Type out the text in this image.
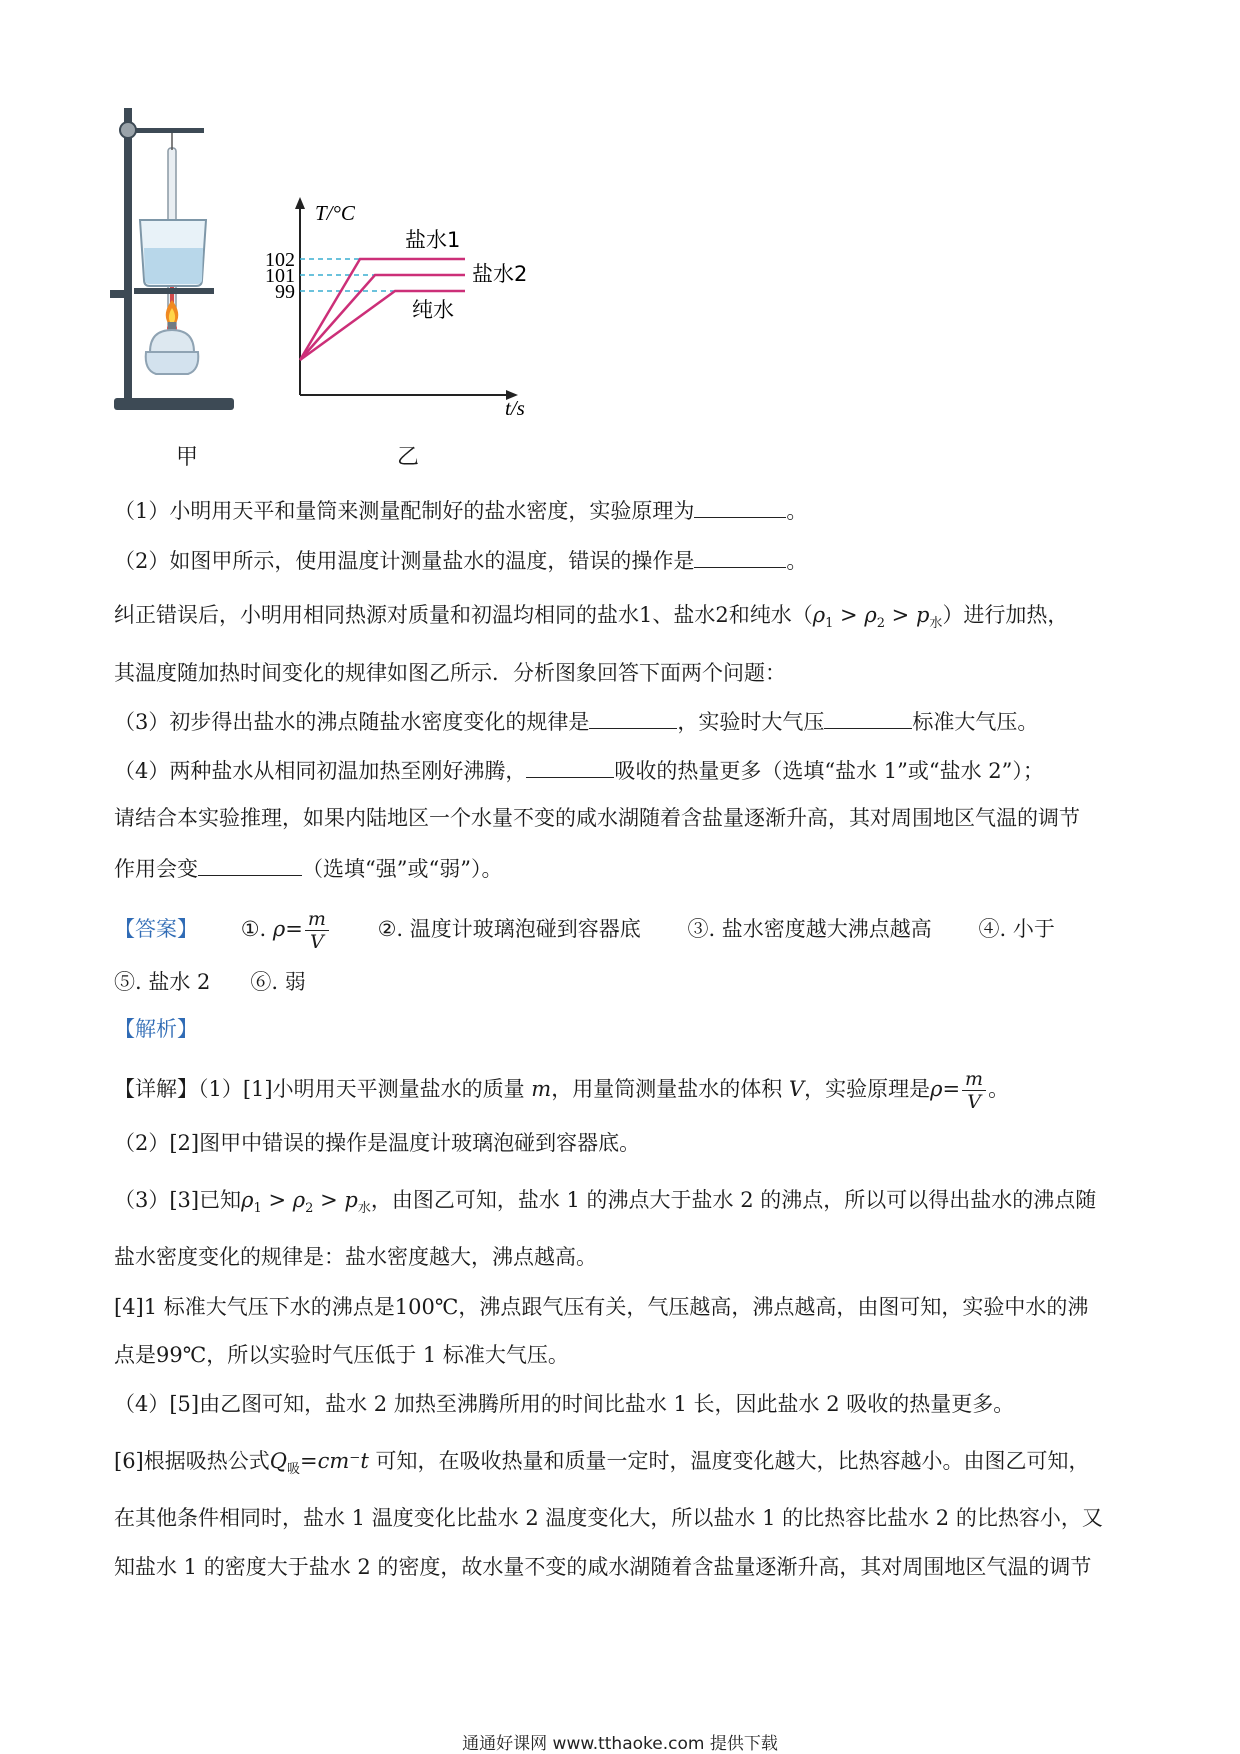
甲
T/°C
t/s
102
101
99
盐水1
盐水2
纯水
乙
（1）小明用天平和量筒来测量配制好的盐水密度，实验原理为	。
（2）如图甲所示，使用温度计测量盐水的温度，错误的操作是	。
纠正错误后，小明用相同热源对质量和初温均相同的盐水1、盐水2和纯水$(\rho_1 > \rho_2 > p_水)$进行加热，
其温度随加热时间变化的规律如图乙所示．分析图象回答下面两个问题：
（3）初步得出盐水的沸点随盐水密度变化的规律是	，实验时大气压	标准大气压。
（4）两种盐水从相同初温加热至刚好沸腾，	吸收的热量更多（选填“盐水 1”或“盐水 2”）；
请结合本实验推理，如果内陆地区一个水量不变的咸水湖随着含盐量逐渐升高，其对周围地区气温的调节
作用会变	（选填“强”或“弱”）。
【答案】 ①. $\rho= \frac{m}{V}$ ②. 温度计玻璃泡碰到容器底 ③. 盐水密度越大沸点越高 ④. 小于
⑤. 盐水 2 ⑥. 弱
【解析】
【详解】（1）[1]小明用天平测量盐水的质量 m，用量筒测量盐水的体积 V，实验原理是$\rho= \frac{m}{V}$ 。
（2）[2]图甲中错误的操作是温度计玻璃泡碰到容器底。
（3）[3]已知$\rho_1 > \rho_2 > p_水$，由图乙可知，盐水 1 的沸点大于盐水 2 的沸点，所以可以得出盐水的沸点随
盐水密度变化的规律是：盐水密度越大，沸点越高。
[4]1 标准大气压下水的沸点是100℃，沸点跟气压有关，气压越高，沸点越高，由图可知，实验中水的沸
点是99℃，所以实验时气压低于 1 标准大气压。
（4）[5]由乙图可知，盐水 2 加热至沸腾所用的时间比盐水 1 长，因此盐水 2 吸收的热量更多。
[6]根据吸热公式$Q_吸=cm^-t$ 可知，在吸收热量和质量一定时，温度变化越大，比热容越小。由图乙可知，
在其他条件相同时，盐水 1 温度变化比盐水 2 温度变化大，所以盐水 1 的比热容比盐水 2 的比热容小，又
知盐水 1 的密度大于盐水 2 的密度，故水量不变的咸水湖随着含盐量逐渐升高，其对周围地区气温的调节
通通好课网 www.tthaoke.com 提供下载
